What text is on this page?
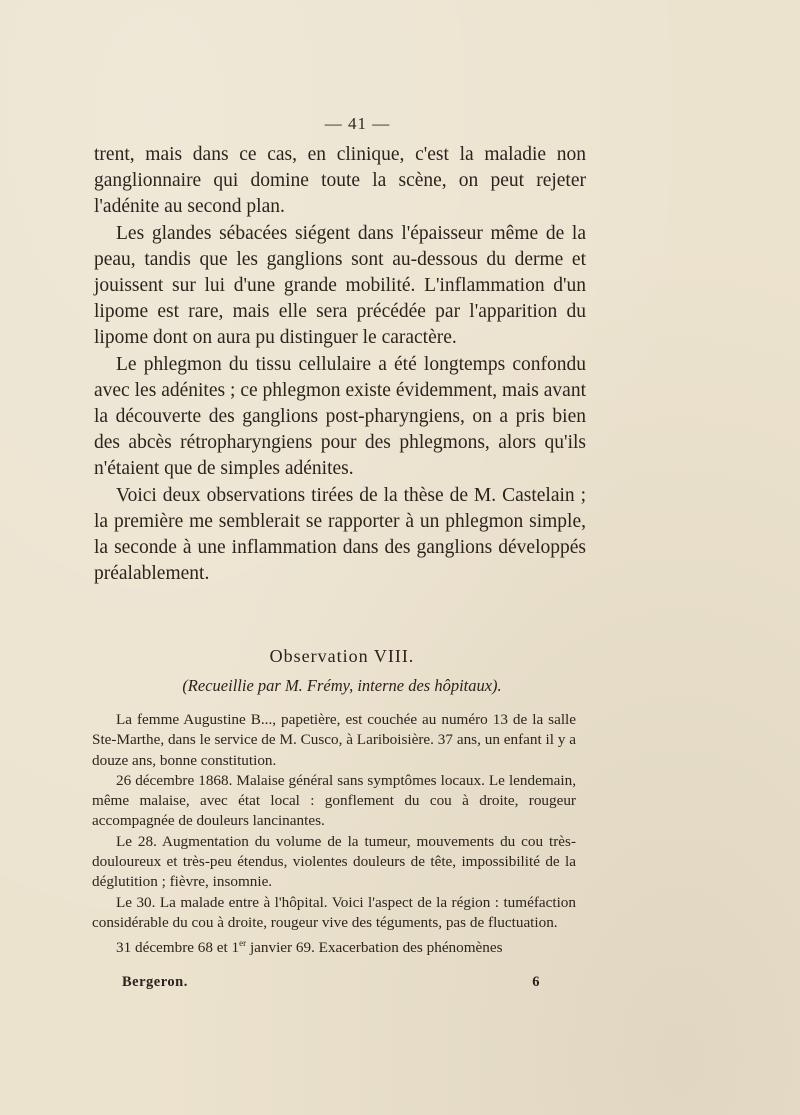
— 41 —

trent, mais dans ce cas, en clinique, c'est la maladie non ganglionnaire qui domine toute la scène, on peut rejeter l'adénite au second plan.

Les glandes sébacées siégent dans l'épaisseur même de la peau, tandis que les ganglions sont au-dessous du derme et jouissent sur lui d'une grande mobilité. L'inflammation d'un lipome est rare, mais elle sera précédée par l'apparition du lipome dont on aura pu distinguer le caractère.

Le phlegmon du tissu cellulaire a été longtemps confondu avec les adénites ; ce phlegmon existe évidemment, mais avant la découverte des ganglions post-pharyngiens, on a pris bien des abcès rétropharyngiens pour des phlegmons, alors qu'ils n'étaient que de simples adénites.

Voici deux observations tirées de la thèse de M. Castelain ; la première me semblerait se rapporter à un phlegmon simple, la seconde à une inflammation dans des ganglions développés préalablement.

Observation VIII.
(Recueillie par M. Frémy, interne des hôpitaux).

La femme Augustine B..., papetière, est couchée au numéro 13 de la salle Ste-Marthe, dans le service de M. Cusco, à Lariboisière. 37 ans, un enfant il y a douze ans, bonne constitution.

26 décembre 1868. Malaise général sans symptômes locaux. Le lendemain, même malaise, avec état local : gonflement du cou à droite, rougeur accompagnée de douleurs lancinantes.

Le 28. Augmentation du volume de la tumeur, mouvements du cou très-douloureux et très-peu étendus, violentes douleurs de tête, impossibilité de la déglutition ; fièvre, insomnie.

Le 30. La malade entre à l'hôpital. Voici l'aspect de la région : tuméfaction considérable du cou à droite, rougeur vive des téguments, pas de fluctuation.

31 décembre 68 et 1er janvier 69. Exacerbation des phénomènes

Bergeron.	6
